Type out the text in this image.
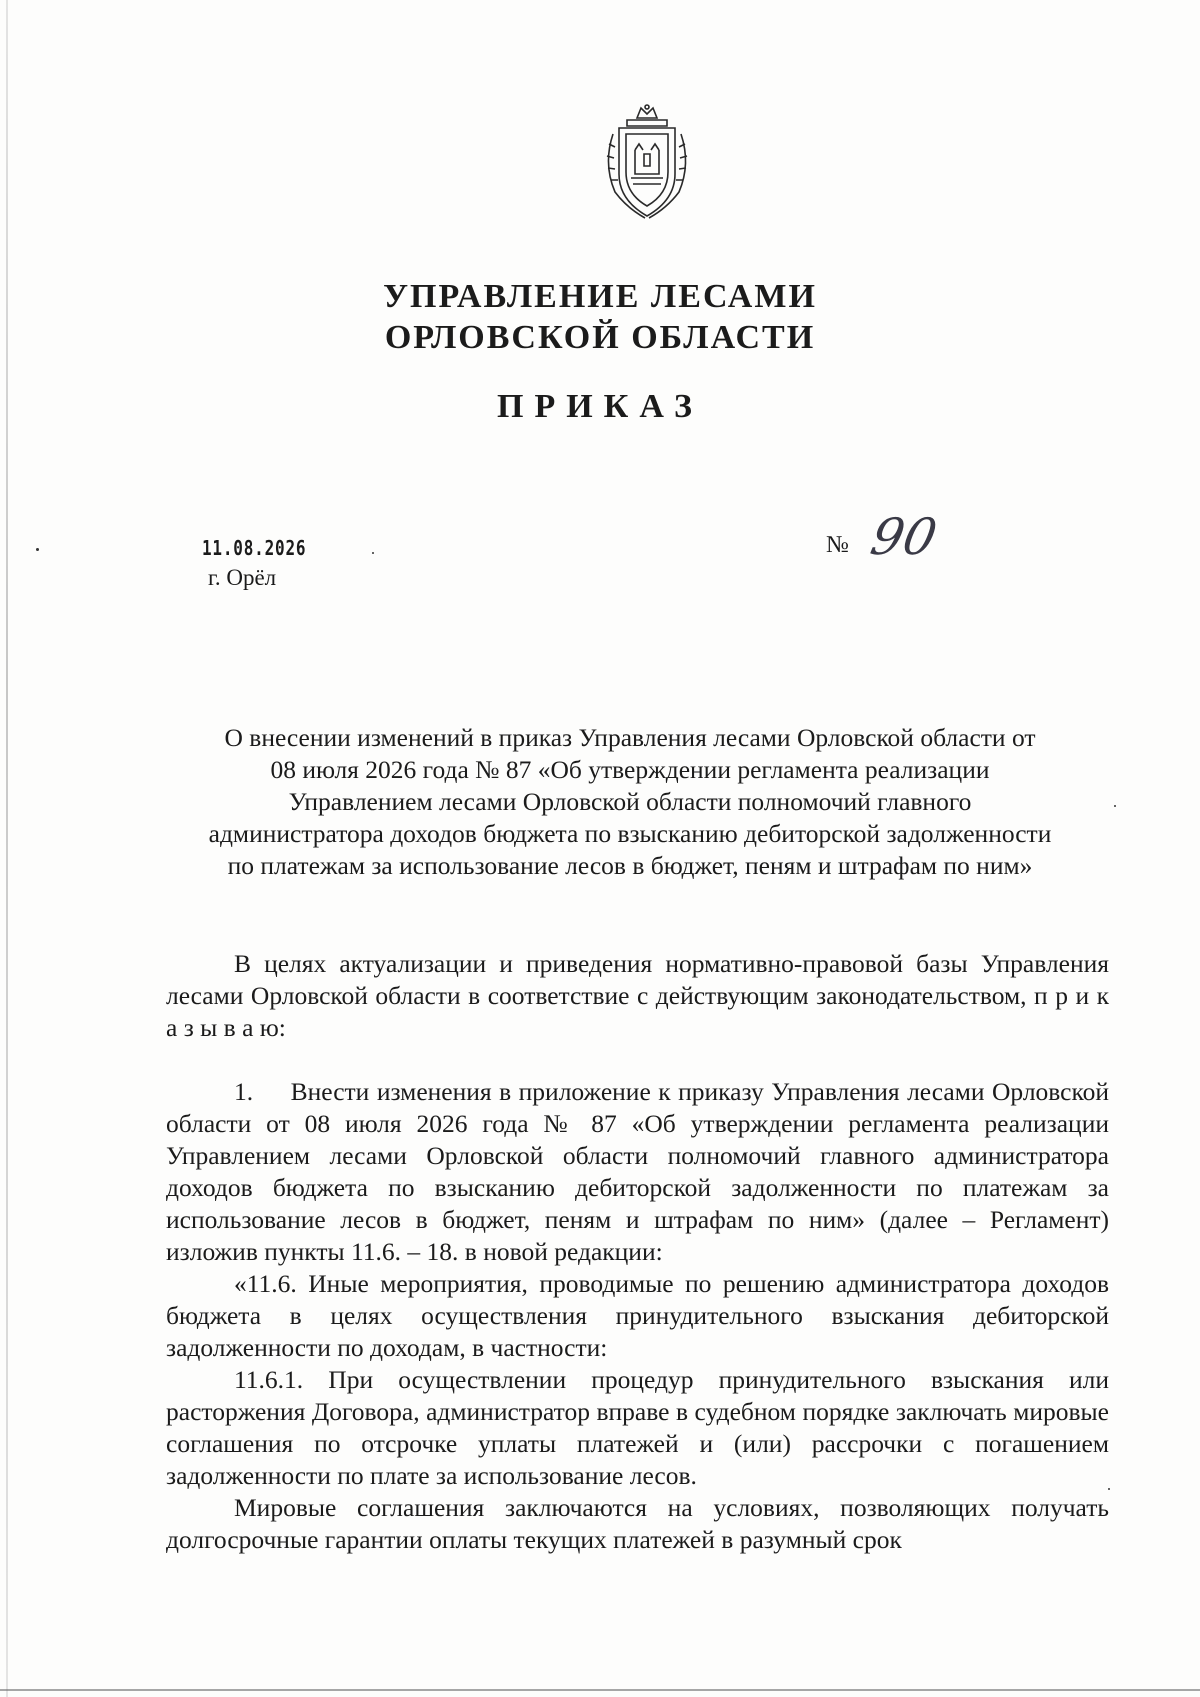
УПРАВЛЕНИЕ ЛЕСАМИ
ОРЛОВСКОЙ ОБЛАСТИ
ПРИКАЗ
11.08.2026
г. Орёл
№ 90
О внесении изменений в приказ Управления лесами Орловской области от
08 июля 2026 года № 87 «Об утверждении регламента реализации
Управлением лесами Орловской области полномочий главного
администратора доходов бюджета по взысканию дебиторской задолженности
по платежам за использование лесов в бюджет, пеням и штрафам по ним»

В целях актуализации и приведения нормативно-правовой базы Управления лесами Орловской области в соответствие с действующим законодательством, п р и к а з ы в а ю:

1.     Внести изменения в приложение к приказу Управления лесами Орловской области от 08 июля 2026 года № 87 «Об утверждении регламента реализации Управлением лесами Орловской области полномочий главного администратора доходов бюджета по взысканию дебиторской задолженности по платежам за использование лесов в бюджет, пеням и штрафам по ним» (далее – Регламент) изложив пункты 11.6. – 18. в новой редакции:

«11.6. Иные мероприятия, проводимые по решению администратора доходов бюджета в целях осуществления принудительного взыскания дебиторской задолженности по доходам, в частности:

11.6.1. При осуществлении процедур принудительного взыскания или расторжения Договора, администратор вправе в судебном порядке заключать мировые соглашения по отсрочке уплаты платежей и (или) рассрочки с погашением задолженности по плате за использование лесов.

Мировые соглашения заключаются на условиях, позволяющих получать долгосрочные гарантии оплаты текущих платежей в разумный срок
